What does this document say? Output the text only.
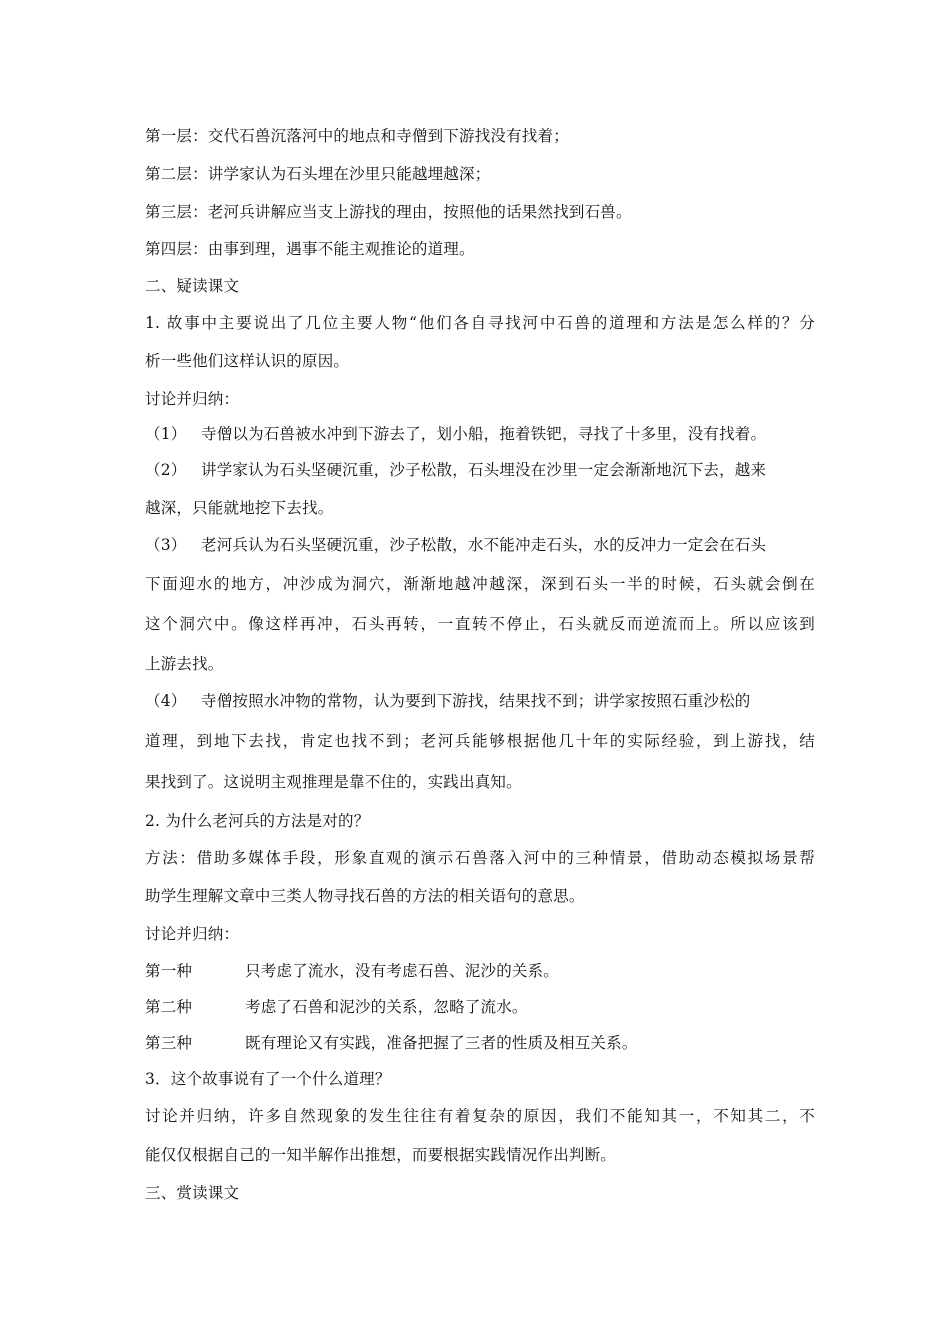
第一层：交代石兽沉落河中的地点和寺僧到下游找没有找着；
第二层：讲学家认为石头埋在沙里只能越埋越深；
第三层：老河兵讲解应当支上游找的理由，按照他的话果然找到石兽。
第四层：由事到理，遇事不能主观推论的道理。
二、疑读课文
1. 故事中主要说出了几位主要人物“他们各自寻找河中石兽的道理和方法是怎么样的？分
析一些他们这样认识的原因。
讨论并归纳：
（1） 寺僧以为石兽被水冲到下游去了，划小船，拖着铁钯，寻找了十多里，没有找着。
（2） 讲学家认为石头坚硬沉重，沙子松散，石头埋没在沙里一定会渐渐地沉下去，越来
越深，只能就地挖下去找。
（3） 老河兵认为石头坚硬沉重，沙子松散，水不能冲走石头，水的反冲力一定会在石头
下面迎水的地方，冲沙成为洞穴，渐渐地越冲越深，深到石头一半的时候，石头就会倒在
这个洞穴中。像这样再冲，石头再转，一直转不停止，石头就反而逆流而上。所以应该到
上游去找。
（4） 寺僧按照水冲物的常物，认为要到下游找，结果找不到；讲学家按照石重沙松的
道理，到地下去找，肯定也找不到；老河兵能够根据他几十年的实际经验，到上游找，结
果找到了。这说明主观推理是靠不住的，实践出真知。
2. 为什么老河兵的方法是对的？
方法：借助多媒体手段，形象直观的演示石兽落入河中的三种情景，借助动态模拟场景帮
助学生理解文章中三类人物寻找石兽的方法的相关语句的意思。
讨论并归纳：
第一种	只考虑了流水，没有考虑石兽、泥沙的关系。
第二种	考虑了石兽和泥沙的关系，忽略了流水。
第三种	既有理论又有实践，准备把握了三者的性质及相互关系。
3．这个故事说有了一个什么道理？
讨论并归纳，许多自然现象的发生往往有着复杂的原因，我们不能知其一，不知其二，不
能仅仅根据自己的一知半解作出推想，而要根据实践情况作出判断。
三、赏读课文
